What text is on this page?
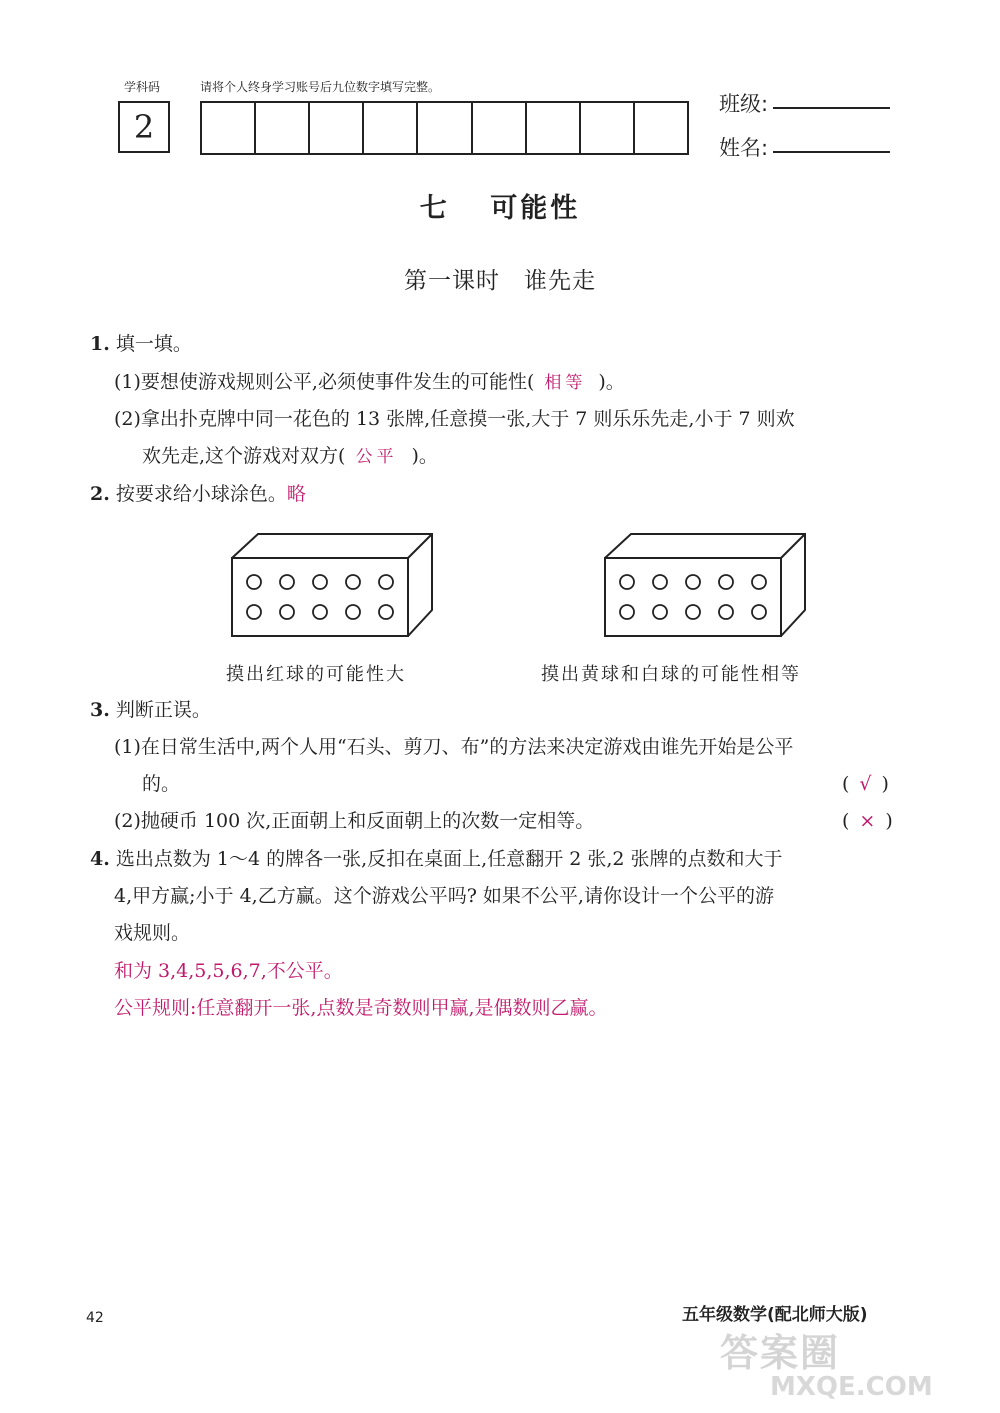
学科码	请将个人终身学习账号后九位数字填写完整。
2
班级:
姓名:
七 可能性
第一课时　谁先走
1. 填一填。
(1)要想使游戏规则公平,必须使事件发生的可能性( 相等 )。
(2)拿出扑克牌中同一花色的 13 张牌,任意摸一张,大于 7 则乐乐先走,小于 7 则欢
欢先走,这个游戏对双方( 公平 )。
2. 按要求给小球涂色。略
摸出红球的可能性大	摸出黄球和白球的可能性相等
3. 判断正误。
(1)在日常生活中,两个人用“石头、剪刀、布”的方法来决定游戏由谁先开始是公平
的。	( √ )
(2)抛硬币 100 次,正面朝上和反面朝上的次数一定相等。	( × )
4. 选出点数为 1～4 的牌各一张,反扣在桌面上,任意翻开 2 张,2 张牌的点数和大于
4,甲方赢;小于 4,乙方赢。这个游戏公平吗? 如果不公平,请你设计一个公平的游
戏规则。
和为 3,4,5,5,6,7,不公平。
公平规则:任意翻开一张,点数是奇数则甲赢,是偶数则乙赢。
42	五年级数学(配北师大版)
答案圈
MXQE.COM
